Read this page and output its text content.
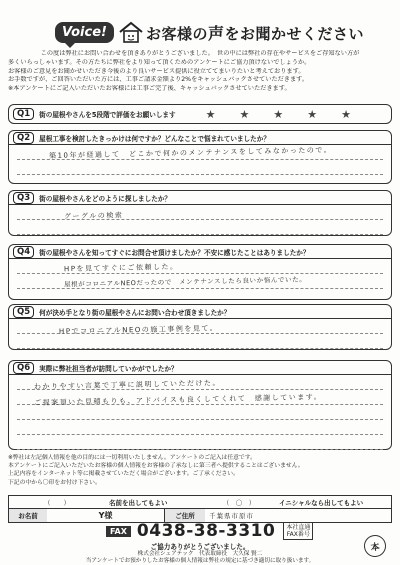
Voice!	お客様の声をお聞かせください

この度は弊社にお問い合わせを頂きありがとうございました。　世の中には弊社の存在やサービスをご存知ない方が

多くいらっしゃいます。その方たちに弊社をより知って頂くためのアンケートにご協力頂けないでしょうか。

お客様のご意見をお聞かせいただき今後のより良いサービス提供に役立ててまいりたいと考えております。

お手数ですが、ご回答いただいた方には、工事ご請求金額より2%をキャッシュバックさせていただきます。

※本アンケートにご記入いただいたお客様には工事ご完了後、キャッシュバックさせていただきます。

Q1	街の屋根やさんを5段階で評価をお願いします	★ ★ ★ ★ ★
Q2	屋根工事を検討したきっかけは何ですか？どんなことで悩まれていましたか？
築10年が経過して　どこかで何かのメンテナンスをしてみなかったので。
Q3	街の屋根やさんをどのように探しましたか？
グーグルの検索
Q4	街の屋根やさんを知ってすぐにお問合せ頂けましたか？不安に感じたことはありましたか？
HPを見てすぐにご依頼した。
屋根がコロニアルNEOだったので　メンテナンスしたら良いか悩んでいた。
Q5	何が決め手となり街の屋根やさんにお問い合わせ頂きましたか？
HPでコロニアルNEOの施工事例を見て。
Q6	実際に弊社担当者が訪問していかがでしたか？
わかりやすい言葉で丁寧に説明していただけた。
ご提案頂いた見積もりも、アドバイスも良くしてくれて　感謝しています。

※弊社は左記個人情報を他の目的には一切利用いたしません。アンケートのご記入は任意です。

本アンケートにご記入いただいたお客様の個人情報をお客様の了承なしに第三者へ提供することはございません。

上記内容をインターネット等に掲載させていただく場合がございます。ご了承ください。

下記の中から〇印をお付け下さい。

（　　）	名前を出してもよい	（　〇　）	イニシャルなら出してもよい
お名前	Y様	ご住所	千葉県市原市
FAX 0438-38-3310	本社直通
FAX番号
ご協力ありがとうございました。
株式会社シェアテック　代表取締役　大久保 賢二
当アンケートでお預かりしたお客様の個人情報は弊社の規定に基づき適切に取り扱います。
本
